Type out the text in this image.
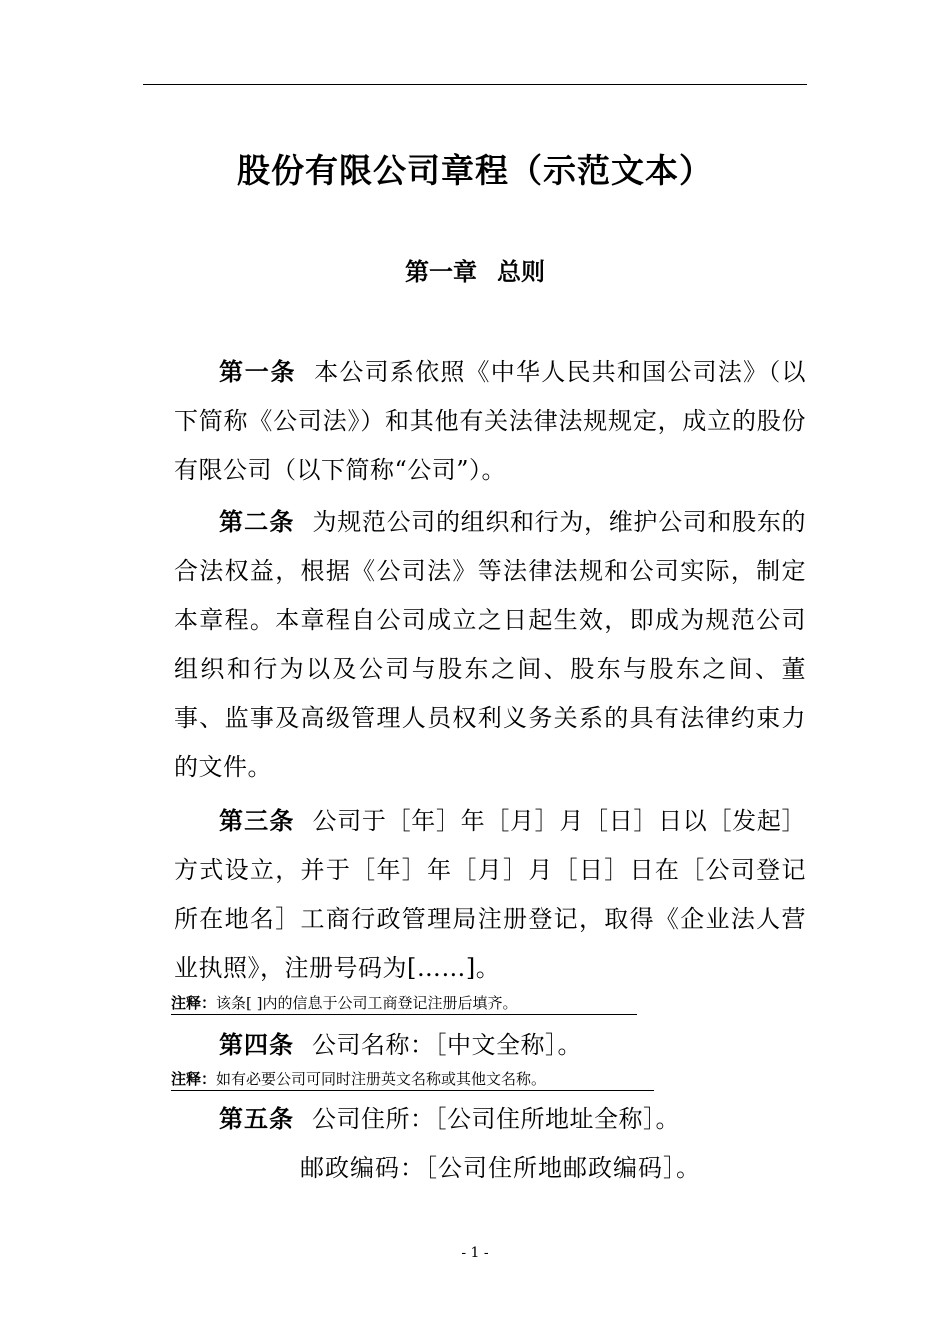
股份有限公司章程（示范文本）
第一章 总则

第一条 本公司系依照《中华人民共和国公司法》（以下简称《公司法》）和其他有关法律法规规定，成立的股份有限公司（以下简称“公司”）。

第二条 为规范公司的组织和行为，维护公司和股东的合法权益，根据《公司法》等法律法规和公司实际，制定本章程。本章程自公司成立之日起生效，即成为规范公司组织和行为以及公司与股东之间、股东与股东之间、董事、监事及高级管理人员权利义务关系的具有法律约束力的文件。

第三条 公司于［年］年［月］月［日］日以［发起］方式设立，并于［年］年［月］月［日］日在［公司登记所在地名］工商行政管理局注册登记，取得《企业法人营业执照》，注册号码为[……]。

注释：该条[ ]内的信息于公司工商登记注册后填齐。

第四条 公司名称：［中文全称］。

注释：如有必要公司可同时注册英文名称或其他文名称。

第五条 公司住所：［公司住所地址全称］。

邮政编码：［公司住所地邮政编码］。

- 1 -
